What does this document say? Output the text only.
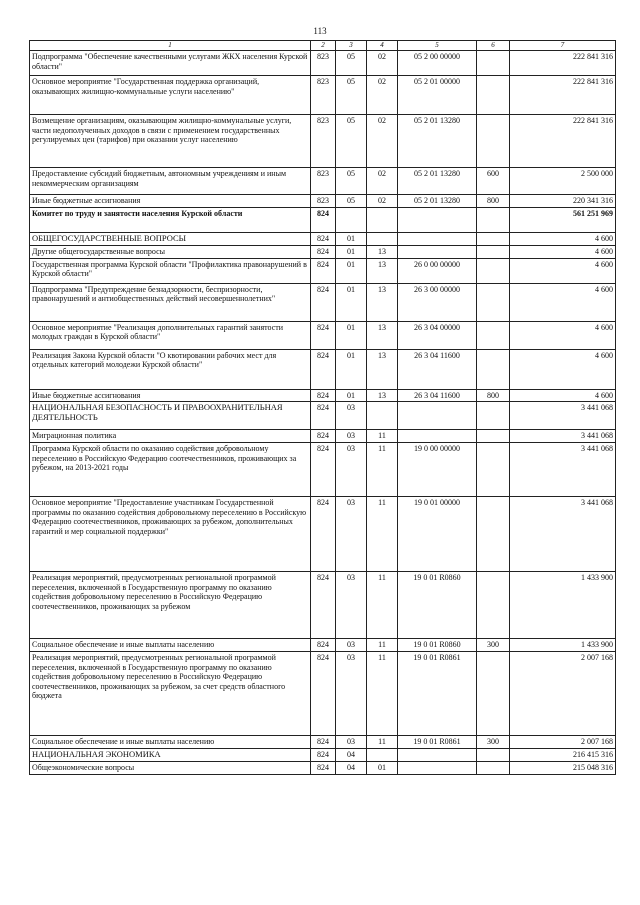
113
1	2	3	4	5	6	7
Подпрограмма "Обеспечение качественными услугами ЖКХ населения Курской области"	823	05	02	05 2 00 00000		222 841 316
Основное мероприятие "Государственная поддержка организаций, оказывающих жилищно-коммунальные услуги населению"	823	05	02	05 2 01 00000		222 841 316
Возмещение организациям, оказывающим жилищно-коммунальные услуги, части недополученных доходов в связи с применением государственных регулируемых цен (тарифов) при оказании услуг населению	823	05	02	05 2 01 13280		222 841 316
Предоставление субсидий бюджетным, автономным учреждениям и иным некоммерческим организациям	823	05	02	05 2 01 13280	600	2 500 000
Иные бюджетные ассигнования	823	05	02	05 2 01 13280	800	220 341 316
Комитет по труду и занятости населения Курской области	824					561 251 969
ОБЩЕГОСУДАРСТВЕННЫЕ ВОПРОСЫ	824	01				4 600
Другие общегосударственные вопросы	824	01	13			4 600
Государственная программа Курской области "Профилактика правонарушений в Курской области"	824	01	13	26 0 00 00000		4 600
Подпрограмма "Предупреждение безнадзорности, беспризорности, правонарушений и антиобщественных действий несовершеннолетних"	824	01	13	26 3 00 00000		4 600
Основное мероприятие "Реализация дополнительных гарантий занятости молодых граждан в Курской области"	824	01	13	26 3 04 00000		4 600
Реализация Закона Курской области "О квотировании рабочих мест для отдельных категорий молодежи Курской области"	824	01	13	26 3 04 11600		4 600
Иные бюджетные ассигнования	824	01	13	26 3 04 11600	800	4 600
НАЦИОНАЛЬНАЯ БЕЗОПАСНОСТЬ И ПРАВООХРАНИТЕЛЬНАЯ ДЕЯТЕЛЬНОСТЬ	824	03				3 441 068
Миграционная политика	824	03	11			3 441 068
Программа Курской области по оказанию содействия добровольному переселению в Российскую Федерацию соотечественников, проживающих за рубежом, на 2013-2021 годы	824	03	11	19 0 00 00000		3 441 068
Основное мероприятие "Предоставление участникам Государственной программы по оказанию содействия добровольному переселению в Российскую Федерацию соотечественников, проживающих за рубежом, дополнительных гарантий и мер социальной поддержки"	824	03	11	19 0 01 00000		3 441 068
Реализация мероприятий, предусмотренных региональной программой переселения, включенной в Государственную программу по оказанию содействия добровольному переселению в Российскую Федерацию соотечественников, проживающих за рубежом	824	03	11	19 0 01 R0860		1 433 900
Социальное обеспечение и иные выплаты населению	824	03	11	19 0 01 R0860	300	1 433 900
Реализация мероприятий, предусмотренных региональной программой переселения, включенной в Государственную программу по оказанию содействия добровольному переселению в Российскую Федерацию соотечественников, проживающих за рубежом, за счет средств областного бюджета	824	03	11	19 0 01 R0861		2 007 168
Социальное обеспечение и иные выплаты населению	824	03	11	19 0 01 R0861	300	2 007 168
НАЦИОНАЛЬНАЯ ЭКОНОМИКА	824	04				216 415 316
Общеэкономические вопросы	824	04	01			215 048 316
